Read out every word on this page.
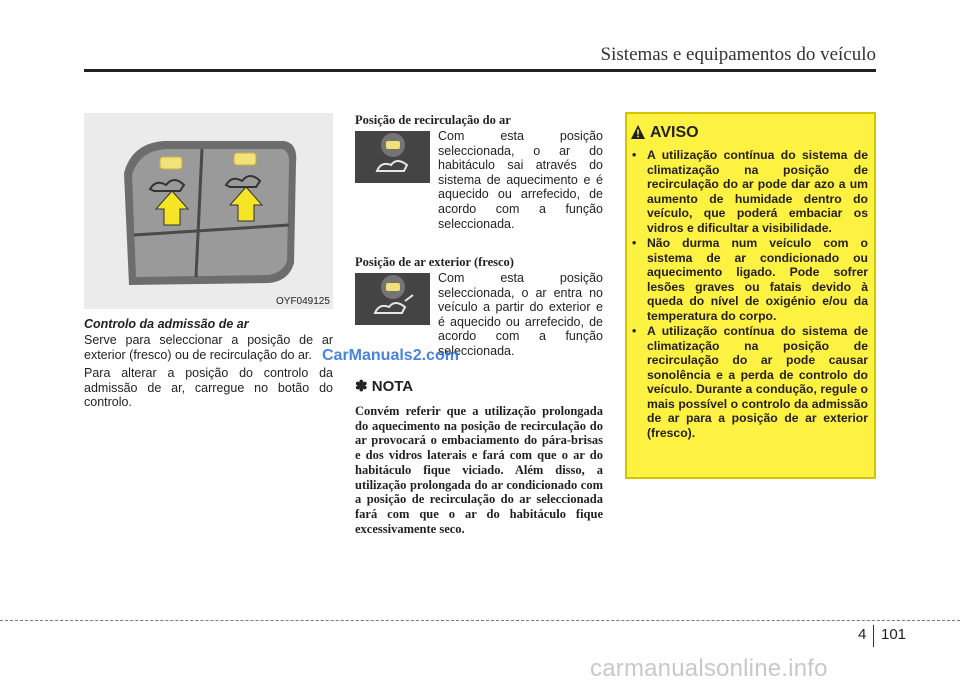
Sistemas e equipamentos do veículo
OYF049125
Controlo da admissão de ar
Serve para seleccionar a posição de ar exterior (fresco) ou de recirculação do ar.
Para alterar a posição do controlo da admissão de ar, carregue no botão do controlo.
Posição de recirculação do ar
Com esta posição seleccionada, o ar do habitáculo sai através do sistema de aquecimento e é aquecido ou arrefecido, de acordo com a função seleccionada.
Posição de ar exterior (fresco)
Com esta posição seleccionada, o ar entra no veículo a partir do exterior e é aquecido ou arrefecido, de acordo com a função seleccionada.
✽ NOTA
Convém referir que a utilização prolongada do aquecimento na posição de recirculação do ar provocará o embaciamento do pára-brisas e dos vidros laterais e fará com que o ar do habitáculo fique viciado. Além disso, a utilização prolongada do ar condicionado com a posição de recirculação do ar seleccionada fará com que o ar do habitáculo fique excessivamente seco.
CarManuals2.com
AVISO
• A utilização contínua do sistema de climatização na posição de recirculação do ar pode dar azo a um aumento de humidade dentro do veículo, que poderá embaciar os vidros e dificultar a visibilidade.
• Não durma num veículo com o sistema de ar condicionado ou aquecimento ligado. Pode sofrer lesões graves ou fatais devido à queda do nível de oxigénio e/ou da temperatura do corpo.
• A utilização contínua do sistema de climatização na posição de recirculação do ar pode causar sonolência e a perda de controlo do veículo. Durante a condução, regule o mais possível o controlo da admissão de ar para a posição de ar exterior (fresco).
4 101
carmanualsonline.info
